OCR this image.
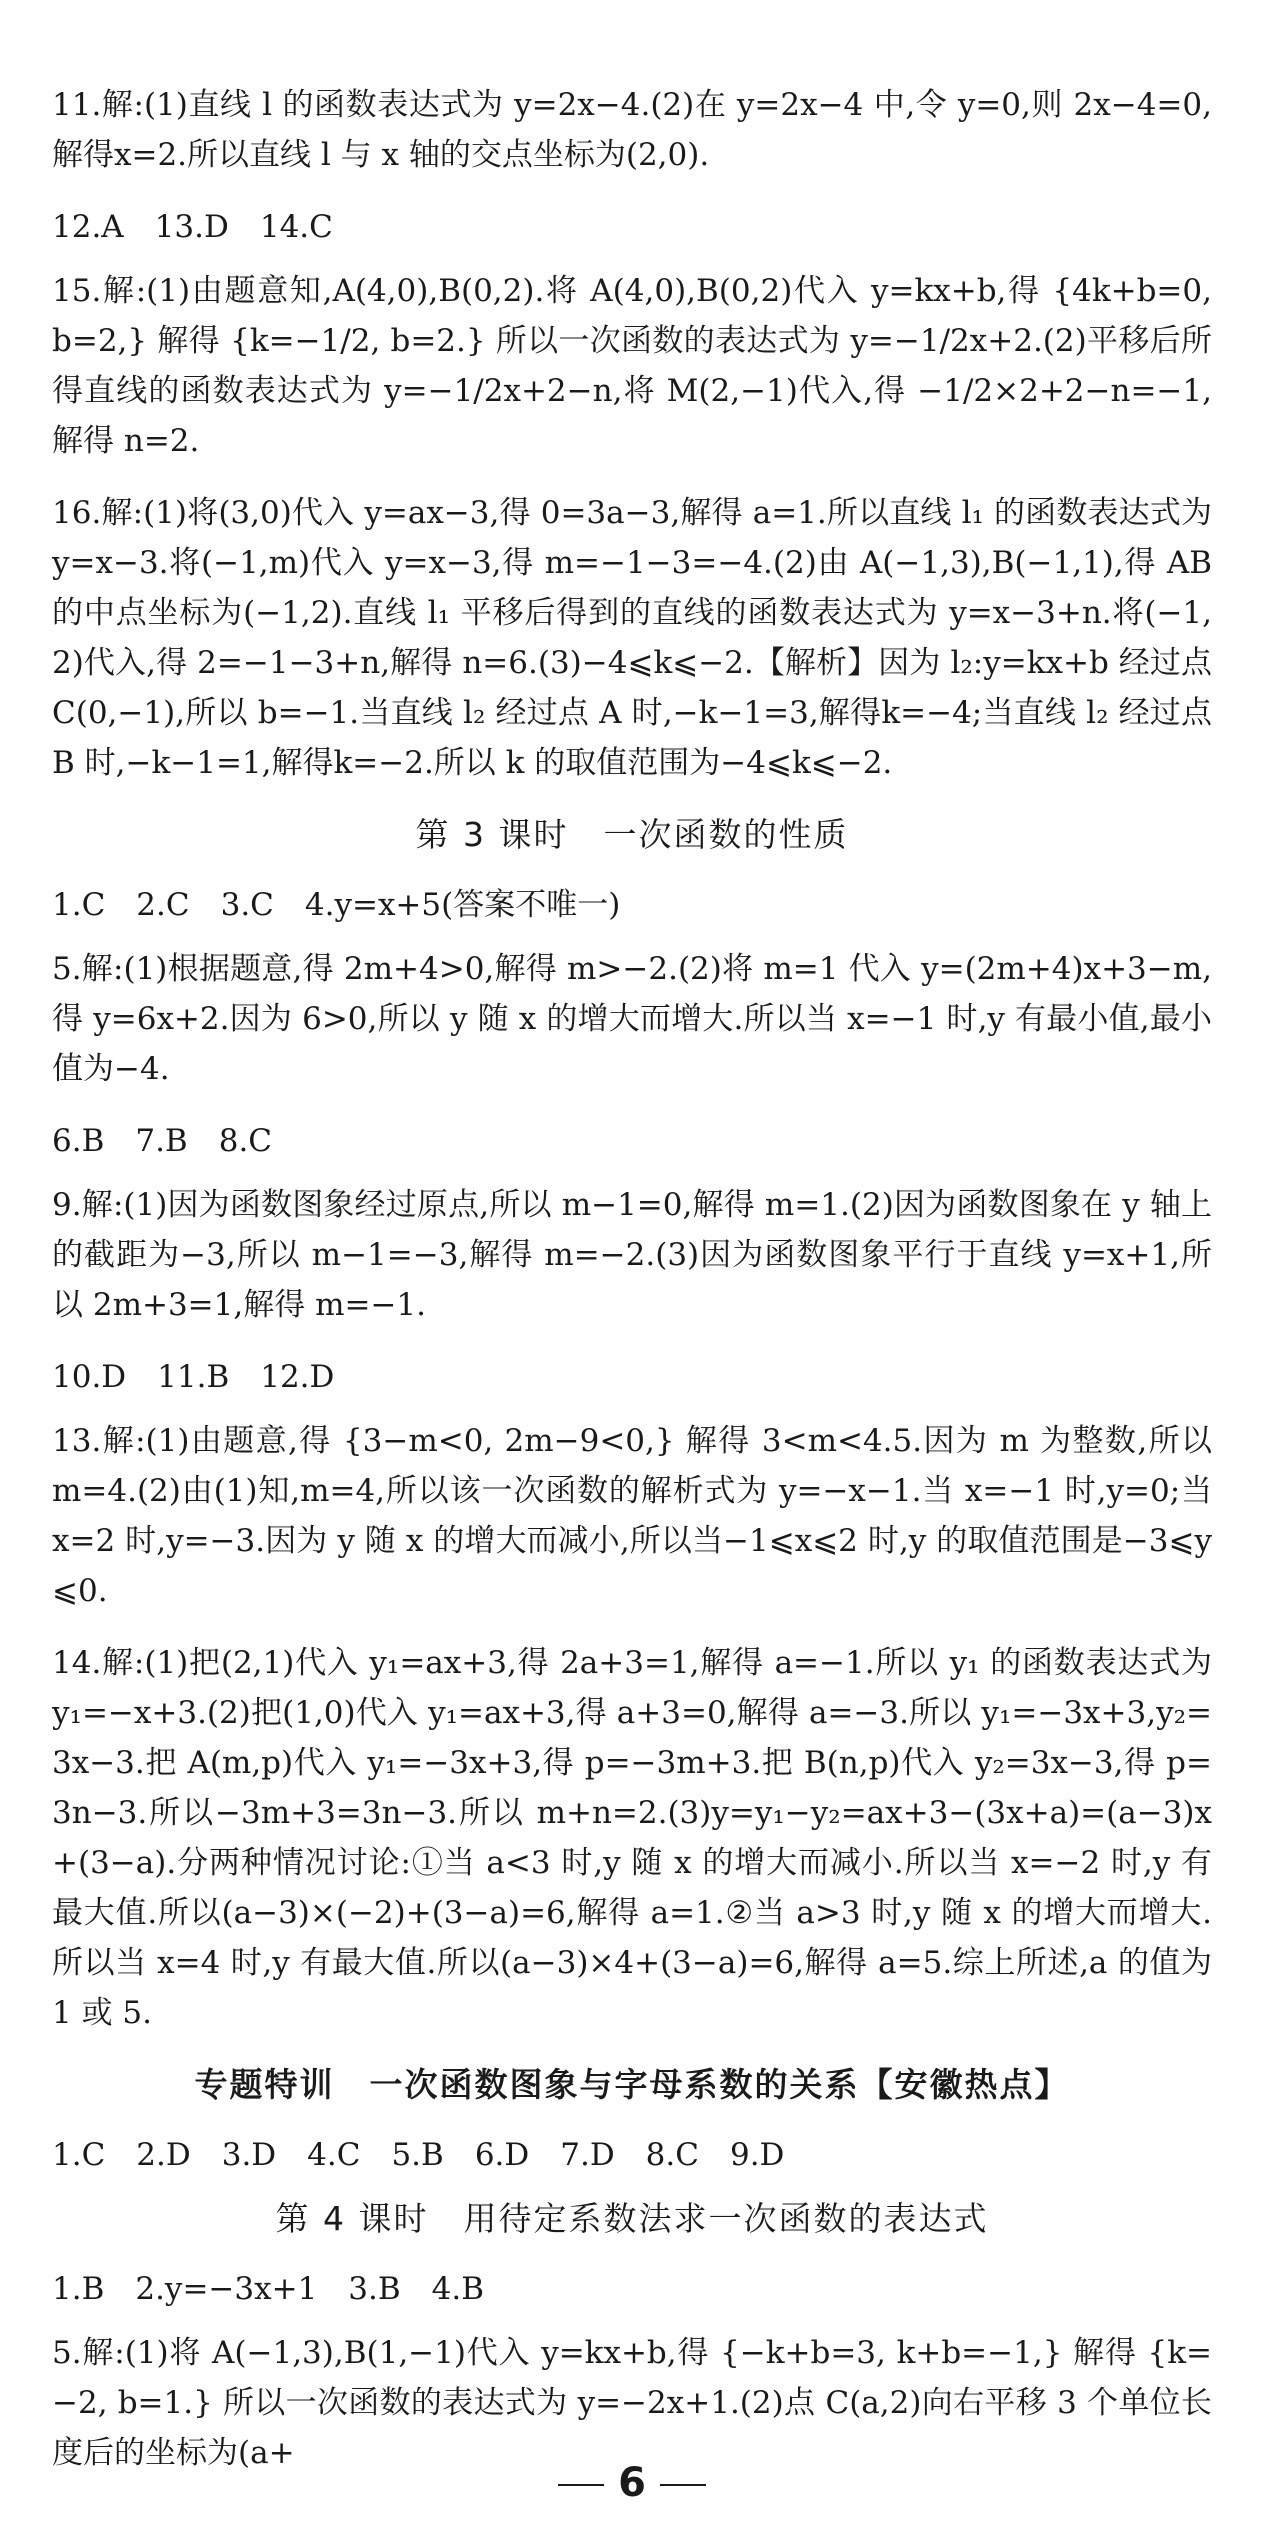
11.解:(1)直线 l 的函数表达式为 y=2x−4.(2)在 y=2x−4 中,令 y=0,则 2x−4=0,解得x=2.所以直线 l 与 x 轴的交点坐标为(2,0).

12.A　13.D　14.C

15.解:(1)由题意知,A(4,0),B(0,2).将 A(4,0),B(0,2)代入 y=kx+b,得 {4k+b=0, b=2,} 解得 {k=−1/2, b=2.} 所以一次函数的表达式为 y=−1/2x+2.(2)平移后所得直线的函数表达式为 y=−1/2x+2−n,将 M(2,−1)代入,得 −1/2×2+2−n=−1,解得 n=2.

16.解:(1)将(3,0)代入 y=ax−3,得 0=3a−3,解得 a=1.所以直线 l₁ 的函数表达式为 y=x−3.将(−1,m)代入 y=x−3,得 m=−1−3=−4.(2)由 A(−1,3),B(−1,1),得 AB 的中点坐标为(−1,2).直线 l₁ 平移后得到的直线的函数表达式为 y=x−3+n.将(−1,2)代入,得 2=−1−3+n,解得 n=6.(3)−4⩽k⩽−2.【解析】因为 l₂:y=kx+b 经过点 C(0,−1),所以 b=−1.当直线 l₂ 经过点 A 时,−k−1=3,解得k=−4;当直线 l₂ 经过点 B 时,−k−1=1,解得k=−2.所以 k 的取值范围为−4⩽k⩽−2.

第 3 课时　一次函数的性质

1.C　2.C　3.C　4.y=x+5(答案不唯一)

5.解:(1)根据题意,得 2m+4>0,解得 m>−2.(2)将 m=1 代入 y=(2m+4)x+3−m,得 y=6x+2.因为 6>0,所以 y 随 x 的增大而增大.所以当 x=−1 时,y 有最小值,最小值为−4.

6.B　7.B　8.C

9.解:(1)因为函数图象经过原点,所以 m−1=0,解得 m=1.(2)因为函数图象在 y 轴上的截距为−3,所以 m−1=−3,解得 m=−2.(3)因为函数图象平行于直线 y=x+1,所以 2m+3=1,解得 m=−1.

10.D　11.B　12.D

13.解:(1)由题意,得 {3−m<0, 2m−9<0,} 解得 3<m<4.5.因为 m 为整数,所以 m=4.(2)由(1)知,m=4,所以该一次函数的解析式为 y=−x−1.当 x=−1 时,y=0;当 x=2 时,y=−3.因为 y 随 x 的增大而减小,所以当−1⩽x⩽2 时,y 的取值范围是−3⩽y⩽0.

14.解:(1)把(2,1)代入 y₁=ax+3,得 2a+3=1,解得 a=−1.所以 y₁ 的函数表达式为 y₁=−x+3.(2)把(1,0)代入 y₁=ax+3,得 a+3=0,解得 a=−3.所以 y₁=−3x+3,y₂=3x−3.把 A(m,p)代入 y₁=−3x+3,得 p=−3m+3.把 B(n,p)代入 y₂=3x−3,得 p=3n−3.所以−3m+3=3n−3.所以 m+n=2.(3)y=y₁−y₂=ax+3−(3x+a)=(a−3)x+(3−a).分两种情况讨论:①当 a<3 时,y 随 x 的增大而减小.所以当 x=−2 时,y 有最大值.所以(a−3)×(−2)+(3−a)=6,解得 a=1.②当 a>3 时,y 随 x 的增大而增大.所以当 x=4 时,y 有最大值.所以(a−3)×4+(3−a)=6,解得 a=5.综上所述,a 的值为 1 或 5.

专题特训　一次函数图象与字母系数的关系【安徽热点】

1.C　2.D　3.D　4.C　5.B　6.D　7.D　8.C　9.D

第 4 课时　用待定系数法求一次函数的表达式

1.B　2.y=−3x+1　3.B　4.B

5.解:(1)将 A(−1,3),B(1,−1)代入 y=kx+b,得 {−k+b=3, k+b=−1,} 解得 {k=−2, b=1.} 所以一次函数的表达式为 y=−2x+1.(2)点 C(a,2)向右平移 3 个单位长度后的坐标为(a+

6
